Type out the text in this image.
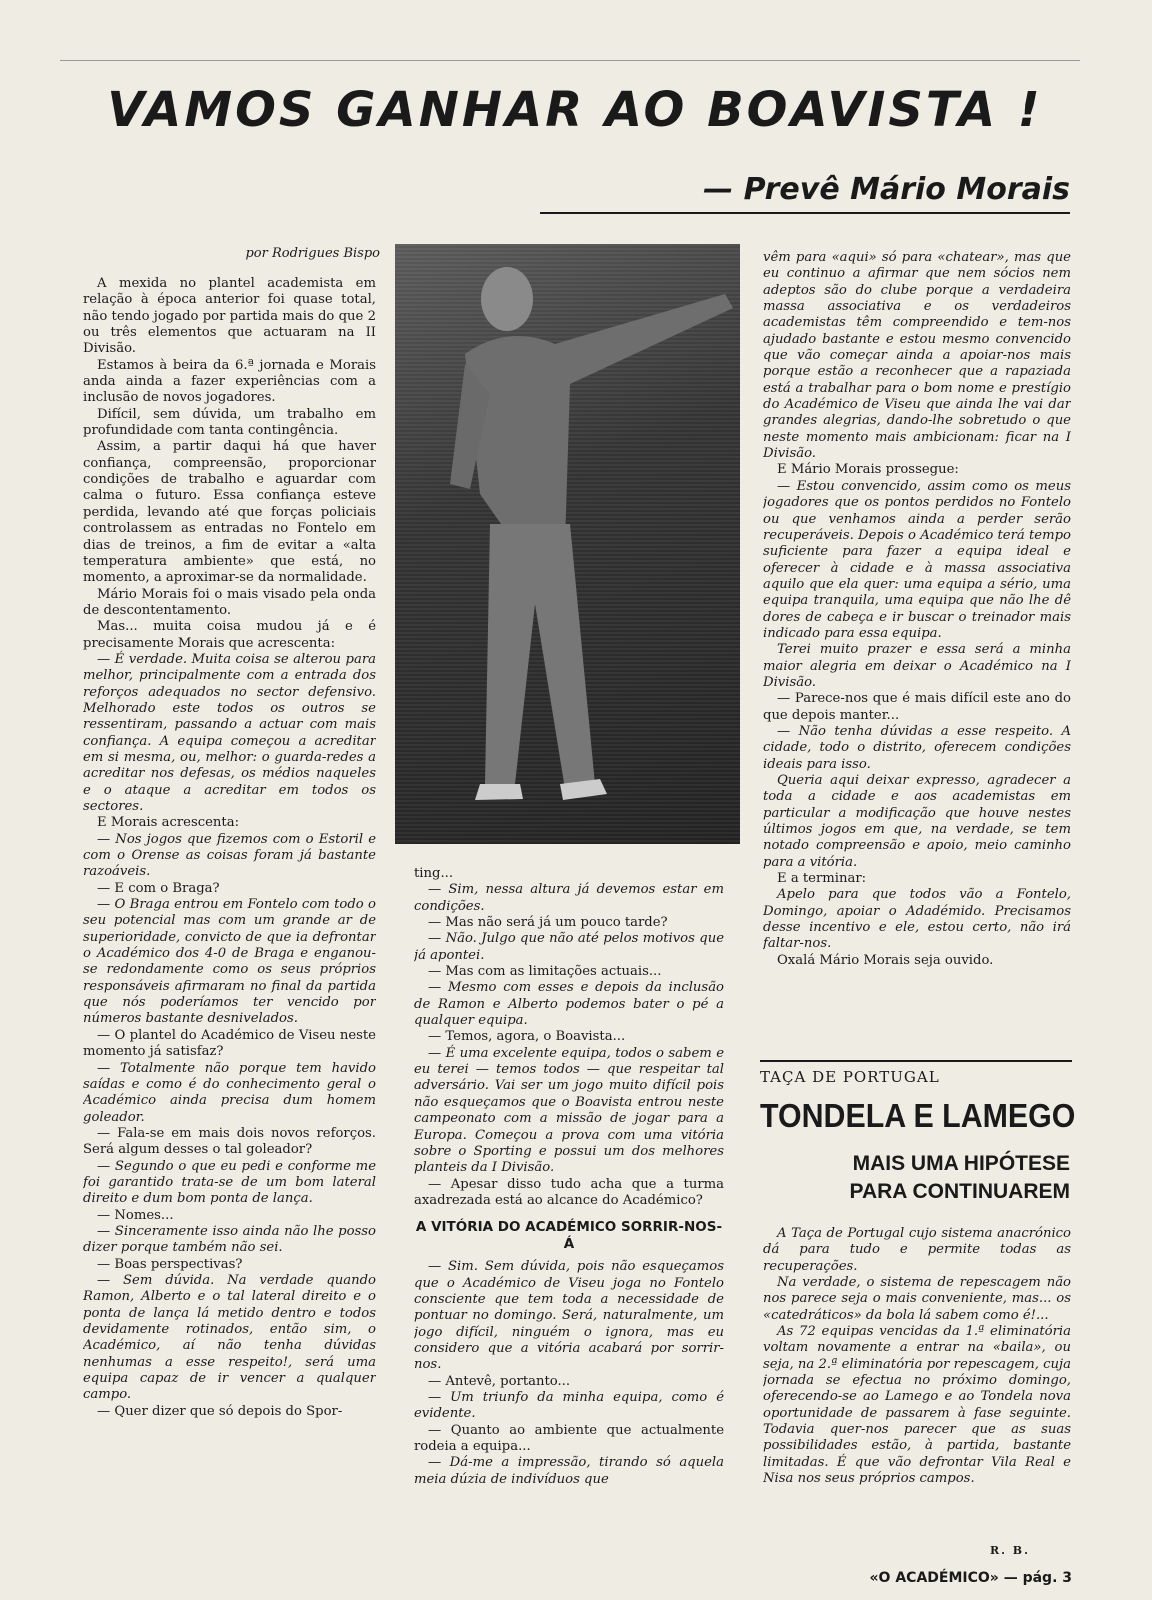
VAMOS GANHAR AO BOAVISTA !
— Prevê Mário Morais
por Rodrigues Bispo

A mexida no plantel academista em relação à época anterior foi quase total, não tendo jogado por partida mais do que 2 ou três elementos que actuaram na II Divisão.

Estamos à beira da 6.ª jornada e Morais anda ainda a fazer experiências com a inclusão de novos jogadores.

Difícil, sem dúvida, um trabalho em profundidade com tanta contingência.

Assim, a partir daqui há que haver confiança, compreensão, proporcionar condições de trabalho e aguardar com calma o futuro. Essa confiança esteve perdida, levando até que forças policiais controlassem as entradas no Fontelo em dias de treinos, a fim de evitar a «alta temperatura ambiente» que está, no momento, a aproximar-se da normalidade.

Mário Morais foi o mais visado pela onda de descontentamento.

Mas... muita coisa mudou já e é precisamente Morais que acrescenta:

— É verdade. Muita coisa se alterou para melhor, principalmente com a entrada dos reforços adequados no sector defensivo. Melhorado este todos os outros se ressentiram, passando a actuar com mais confiança. A equipa começou a acreditar em si mesma, ou, melhor: o guarda-redes a acreditar nos defesas, os médios naqueles e o ataque a acreditar em todos os sectores.

E Morais acrescenta:

— Nos jogos que fizemos com o Estoril e com o Orense as coisas foram já bastante razoáveis.

— E com o Braga?

— O Braga entrou em Fontelo com todo o seu potencial mas com um grande ar de superioridade, convicto de que ia defrontar o Académico dos 4-0 de Braga e enganou-se redondamente como os seus próprios responsáveis afirmaram no final da partida que nós poderíamos ter vencido por números bastante desnivelados.

— O plantel do Académico de Viseu neste momento já satisfaz?

— Totalmente não porque tem havido saídas e como é do conhecimento geral o Académico ainda precisa dum homem goleador.

— Fala-se em mais dois novos reforços. Será algum desses o tal goleador?

— Segundo o que eu pedi e conforme me foi garantido trata-se de um bom lateral direito e dum bom ponta de lança.

— Nomes...

— Sinceramente isso ainda não lhe posso dizer porque também não sei.

— Boas perspectivas?

— Sem dúvida. Na verdade quando Ramon, Alberto e o tal lateral direito e o ponta de lança lá metido dentro e todos devidamente rotinados, então sim, o Académico, aí não tenha dúvidas nenhumas a esse respeito!, será uma equipa capaz de ir vencer a qualquer campo.

— Quer dizer que só depois do Spor-

ting...

— Sim, nessa altura já devemos estar em condições.

— Mas não será já um pouco tarde?

— Não. Julgo que não até pelos motivos que já apontei.

— Mas com as limitações actuais...

— Mesmo com esses e depois da inclusão de Ramon e Alberto podemos bater o pé a qualquer equipa.

— Temos, agora, o Boavista...

— É uma excelente equipa, todos o sabem e eu terei — temos todos — que respeitar tal adversário. Vai ser um jogo muito difícil pois não esqueçamos que o Boavista entrou neste campeonato com a missão de jogar para a Europa. Começou a prova com uma vitória sobre o Sporting e possui um dos melhores planteis da I Divisão.

— Apesar disso tudo acha que a turma axadrezada está ao alcance do Académico?

A VITÓRIA DO ACADÉMICO SORRIR-NOS-Á

— Sim. Sem dúvida, pois não esqueçamos que o Académico de Viseu joga no Fontelo consciente que tem toda a necessidade de pontuar no domingo. Será, naturalmente, um jogo difícil, ninguém o ignora, mas eu considero que a vitória acabará por sorrir-nos.

— Antevê, portanto...

— Um triunfo da minha equipa, como é evidente.

— Quanto ao ambiente que actualmente rodeia a equipa...

— Dá-me a impressão, tirando só aquela meia dúzia de indivíduos que

vêm para «aqui» só para «chatear», mas que eu continuo a afirmar que nem sócios nem adeptos são do clube porque a verdadeira massa associativa e os verdadeiros academistas têm compreendido e tem-nos ajudado bastante e estou mesmo convencido que vão começar ainda a apoiar-nos mais porque estão a reconhecer que a rapaziada está a trabalhar para o bom nome e prestígio do Académico de Viseu que ainda lhe vai dar grandes alegrias, dando-lhe sobretudo o que neste momento mais ambicionam: ficar na I Divisão.

E Mário Morais prossegue:

— Estou convencido, assim como os meus jogadores que os pontos perdidos no Fontelo ou que venhamos ainda a perder serão recuperáveis. Depois o Académico terá tempo suficiente para fazer a equipa ideal e oferecer à cidade e à massa associativa aquilo que ela quer: uma equipa a sério, uma equipa tranquila, uma equipa que não lhe dê dores de cabeça e ir buscar o treinador mais indicado para essa equipa.

Terei muito prazer e essa será a minha maior alegria em deixar o Académico na I Divisão.

— Parece-nos que é mais difícil este ano do que depois manter...

— Não tenha dúvidas a esse respeito. A cidade, todo o distrito, oferecem condições ideais para isso.

Queria aqui deixar expresso, agradecer a toda a cidade e aos academistas em particular a modificação que houve nestes últimos jogos em que, na verdade, se tem notado compreensão e apoio, meio caminho para a vitória.

E a terminar:

Apelo para que todos vão a Fontelo, Domingo, apoiar o Adadémido. Precisamos desse incentivo e ele, estou certo, não irá faltar-nos.

Oxalá Mário Morais seja ouvido.

TAÇA DE PORTUGAL
TONDELA E LAMEGO
MAIS UMA HIPÓTESE
PARA CONTINUAREM

A Taça de Portugal cujo sistema anacrónico dá para tudo e permite todas as recuperações.

Na verdade, o sistema de repescagem não nos parece seja o mais conveniente, mas... os «catedráticos» da bola lá sabem como é!...

As 72 equipas vencidas da 1.ª eliminatória voltam novamente a entrar na «baila», ou seja, na 2.ª eliminatória por repescagem, cuja jornada se efectua no próximo domingo, oferecendo-se ao Lamego e ao Tondela nova oportunidade de passarem à fase seguinte. Todavia quer-nos parecer que as suas possibilidades estão, à partida, bastante limitadas. É que vão defrontar Vila Real e Nisa nos seus próprios campos.

R. B.
«O ACADÉMICO» — pág. 3
